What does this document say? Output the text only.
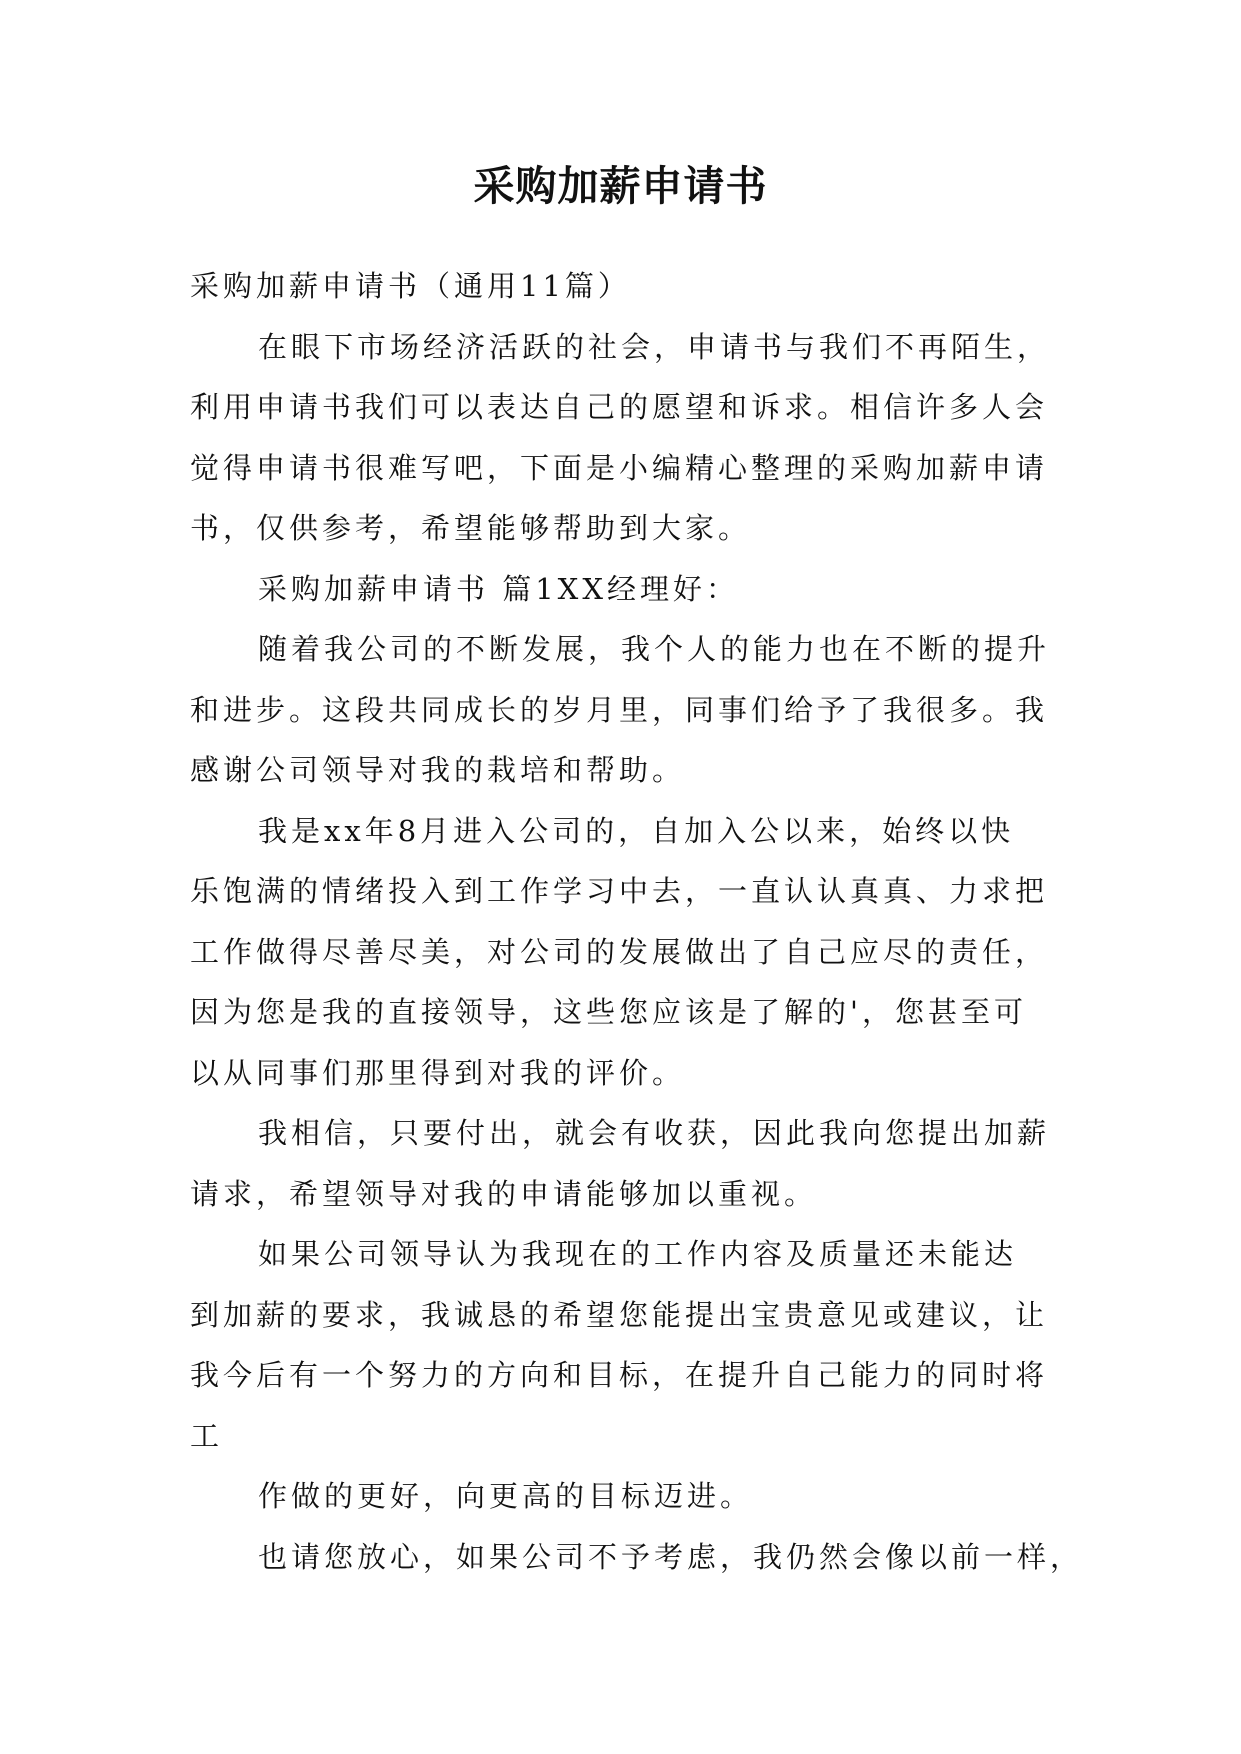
采购加薪申请书
采购加薪申请书（通用11篇）
在眼下市场经济活跃的社会，申请书与我们不再陌生，
利用申请书我们可以表达自己的愿望和诉求。相信许多人会
觉得申请书很难写吧，下面是小编精心整理的采购加薪申请
书，仅供参考，希望能够帮助到大家。
采购加薪申请书 篇1XX经理好：
随着我公司的不断发展，我个人的能力也在不断的提升
和进步。这段共同成长的岁月里，同事们给予了我很多。我
感谢公司领导对我的栽培和帮助。
我是xx年8月进入公司的，自加入公以来，始终以快
乐饱满的情绪投入到工作学习中去，一直认认真真、力求把
工作做得尽善尽美，对公司的发展做出了自己应尽的责任，
因为您是我的直接领导，这些您应该是了解的'，您甚至可
以从同事们那里得到对我的评价。
我相信，只要付出，就会有收获，因此我向您提出加薪
请求，希望领导对我的申请能够加以重视。
如果公司领导认为我现在的工作内容及质量还未能达
到加薪的要求，我诚恳的希望您能提出宝贵意见或建议，让
我今后有一个努力的方向和目标，在提升自己能力的同时将
工
作做的更好，向更高的目标迈进。
也请您放心，如果公司不予考虑，我仍然会像以前一样，
